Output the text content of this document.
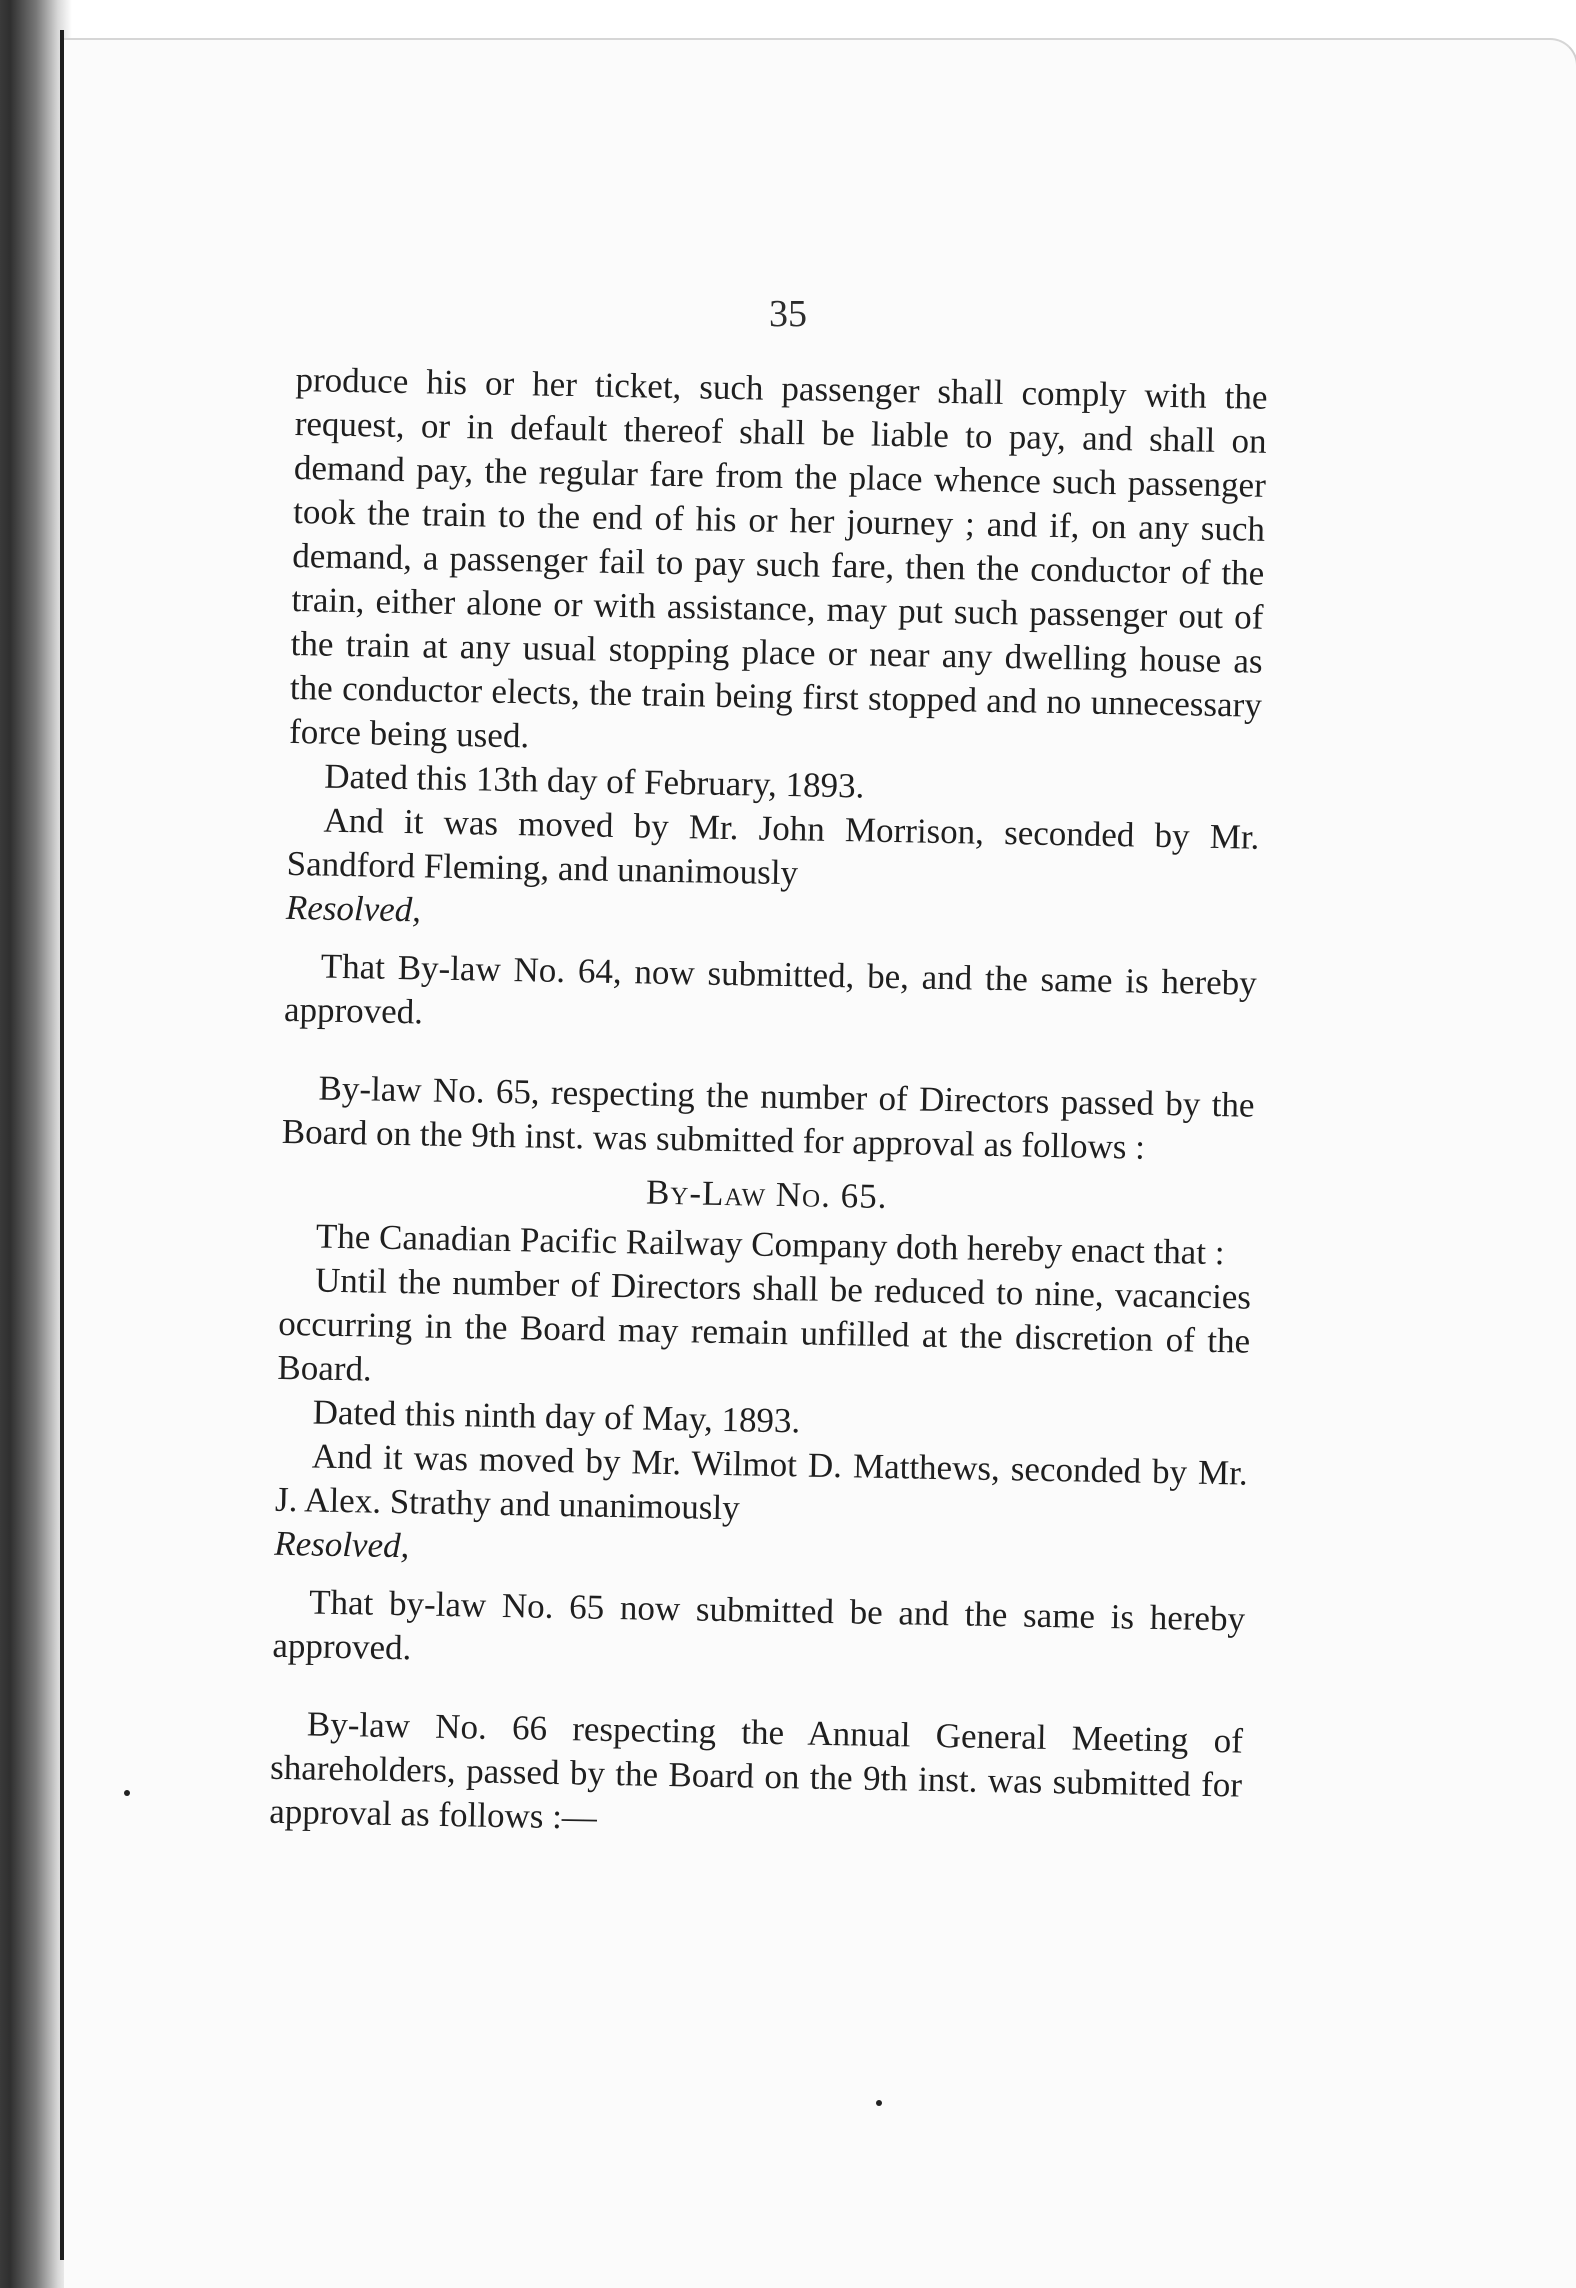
35

produce his or her ticket, such passenger shall comply with the request, or in default thereof shall be liable to pay, and shall on demand pay, the regular fare from the place whence such passenger took the train to the end of his or her journey ; and if, on any such demand, a passenger fail to pay such fare, then the conductor of the train, either alone or with assistance, may put such passenger out of the train at any usual stopping place or near any dwelling house as the conductor elects, the train being first stopped and no unnecessary force being used.

Dated this 13th day of February, 1893.

And it was moved by Mr. John Morrison, seconded by Mr. Sandford Fleming, and unanimously

Resolved,

That By-law No. 64, now submitted, be, and the same is hereby approved.

By-law No. 65, respecting the number of Directors passed by the Board on the 9th inst. was submitted for approval as follows :

By-Law No. 65.

The Canadian Pacific Railway Company doth hereby enact that :

Until the number of Directors shall be reduced to nine, vacancies occurring in the Board may remain unfilled at the discretion of the Board.

Dated this ninth day of May, 1893.

And it was moved by Mr. Wilmot D. Matthews, seconded by Mr. J. Alex. Strathy and unanimously

Resolved,

That by-law No. 65 now submitted be and the same is hereby approved.

By-law No. 66 respecting the Annual General Meeting of shareholders, passed by the Board on the 9th inst. was submitted for approval as follows :—
